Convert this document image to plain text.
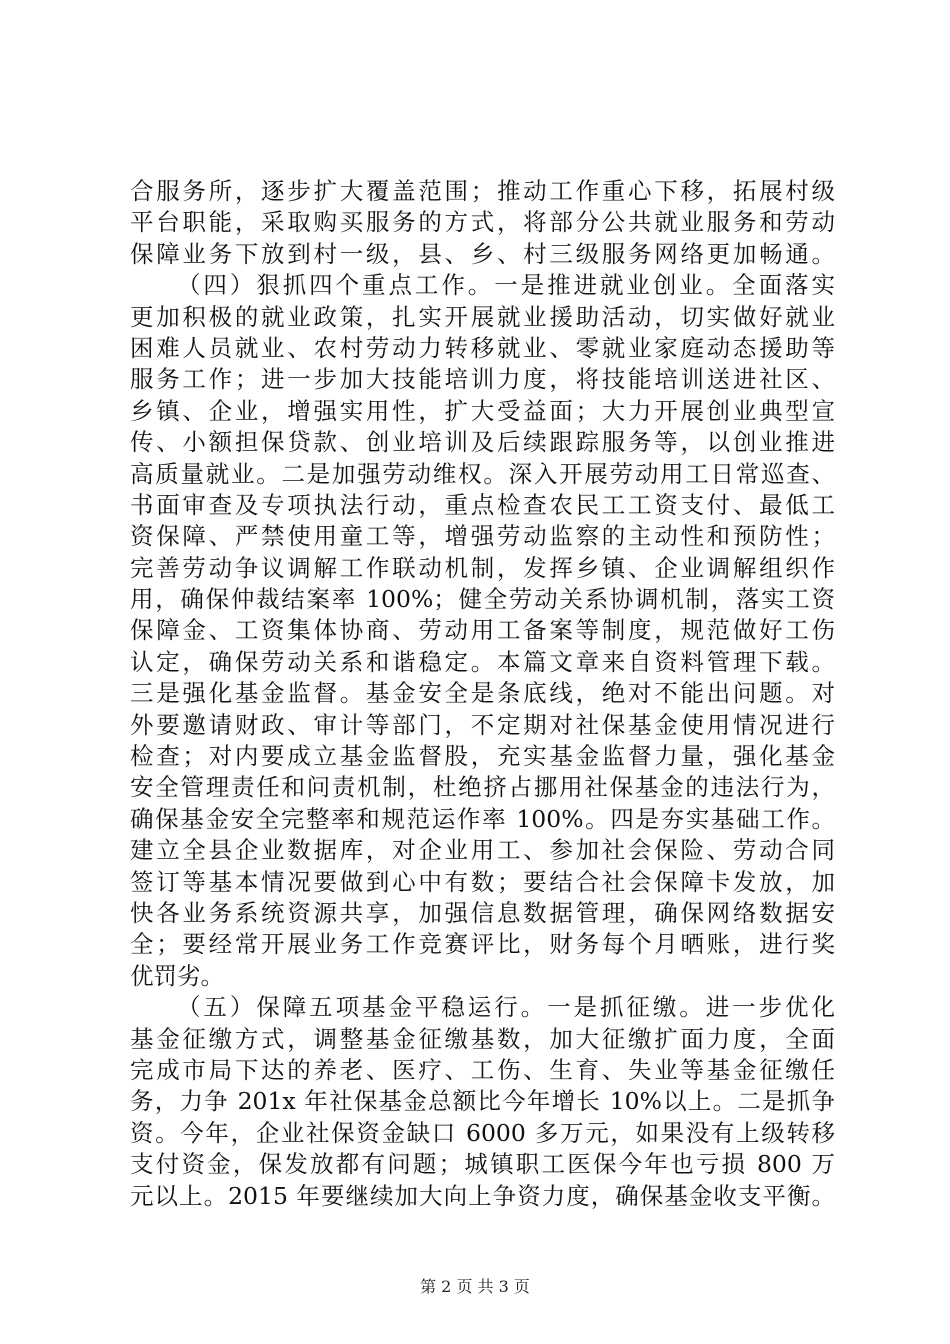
合服务所，逐步扩大覆盖范围；推动工作重心下移，拓展村级
平台职能，采取购买服务的方式，将部分公共就业服务和劳动
保障业务下放到村一级，县、乡、村三级服务网络更加畅通。
（四）狠抓四个重点工作。一是推进就业创业。全面落实
更加积极的就业政策，扎实开展就业援助活动，切实做好就业
困难人员就业、农村劳动力转移就业、零就业家庭动态援助等
服务工作；进一步加大技能培训力度，将技能培训送进社区、
乡镇、企业，增强实用性，扩大受益面；大力开展创业典型宣
传、小额担保贷款、创业培训及后续跟踪服务等，以创业推进
高质量就业。二是加强劳动维权。深入开展劳动用工日常巡查、
书面审查及专项执法行动，重点检查农民工工资支付、最低工
资保障、严禁使用童工等，增强劳动监察的主动性和预防性；
完善劳动争议调解工作联动机制，发挥乡镇、企业调解组织作
用，确保仲裁结案率 100%；健全劳动关系协调机制，落实工资
保障金、工资集体协商、劳动用工备案等制度，规范做好工伤
认定，确保劳动关系和谐稳定。本篇文章来自资料管理下载。
三是强化基金监督。基金安全是条底线，绝对不能出问题。对
外要邀请财政、审计等部门，不定期对社保基金使用情况进行
检查；对内要成立基金监督股，充实基金监督力量，强化基金
安全管理责任和问责机制，杜绝挤占挪用社保基金的违法行为，
确保基金安全完整率和规范运作率 100%。四是夯实基础工作。
建立全县企业数据库，对企业用工、参加社会保险、劳动合同
签订等基本情况要做到心中有数；要结合社会保障卡发放，加
快各业务系统资源共享，加强信息数据管理，确保网络数据安
全；要经常开展业务工作竞赛评比，财务每个月晒账，进行奖
优罚劣。
（五）保障五项基金平稳运行。一是抓征缴。进一步优化
基金征缴方式，调整基金征缴基数，加大征缴扩面力度，全面
完成市局下达的养老、医疗、工伤、生育、失业等基金征缴任
务，力争 201x 年社保基金总额比今年增长 10%以上。二是抓争
资。今年，企业社保资金缺口 6000 多万元，如果没有上级转移
支付资金，保发放都有问题；城镇职工医保今年也亏损 800 万
元以上。2015 年要继续加大向上争资力度，确保基金收支平衡。
第 2 页 共 3 页
